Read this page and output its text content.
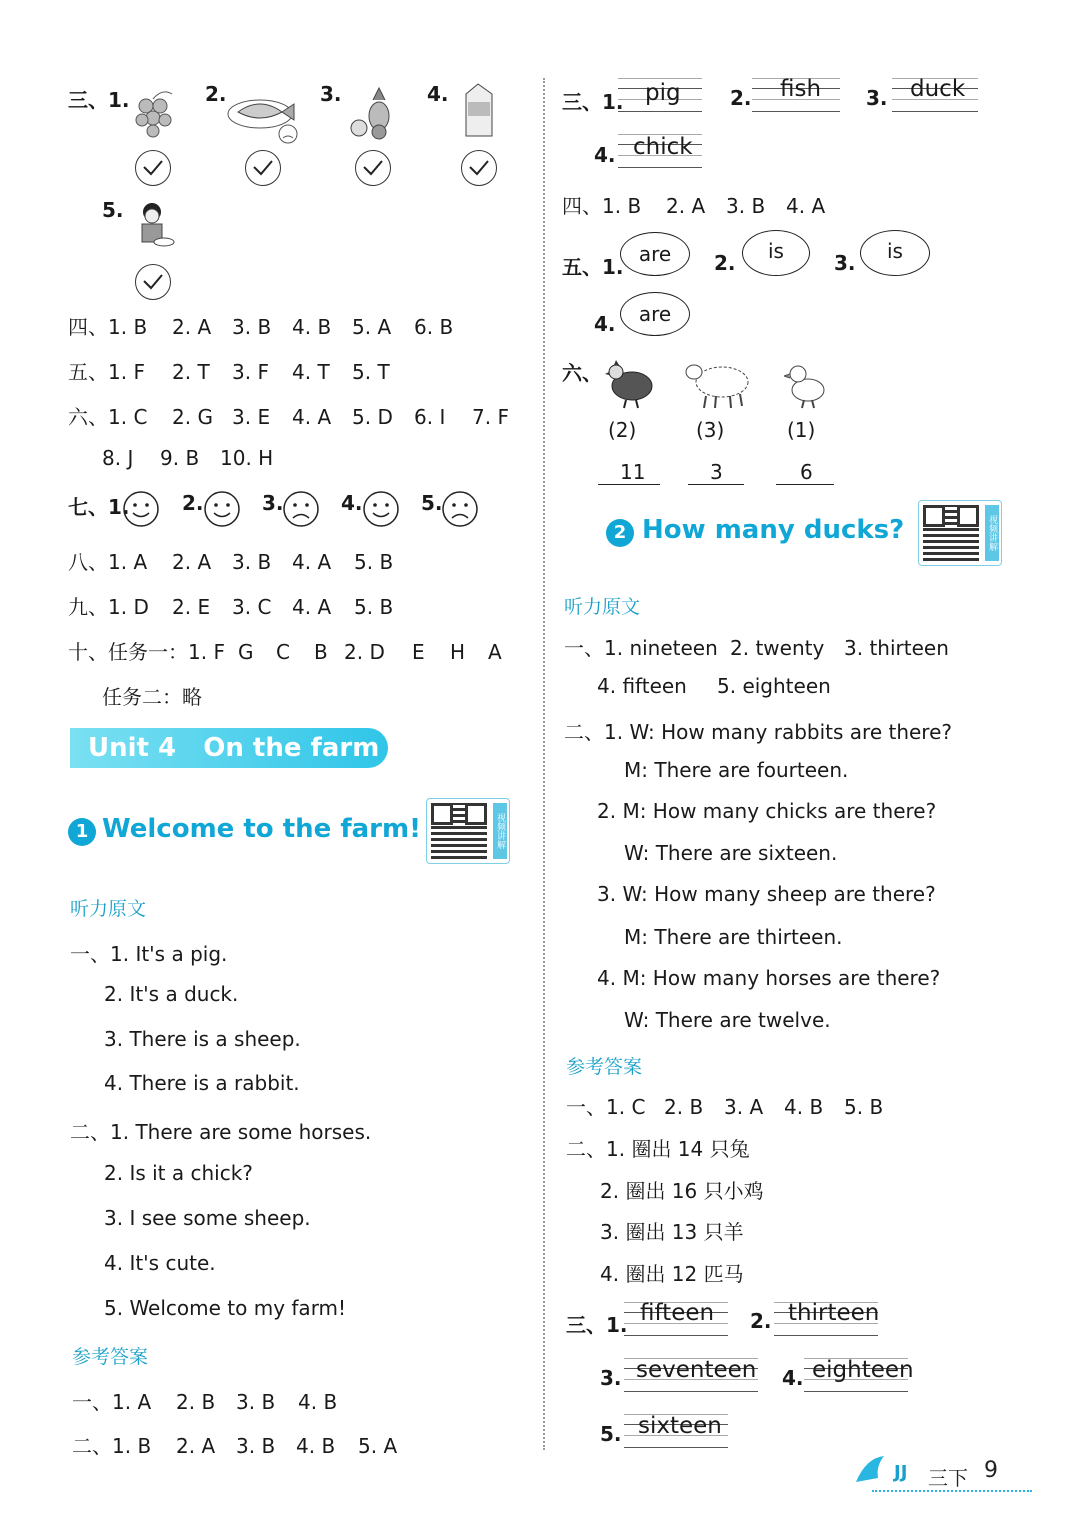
三、1.	2.	3.	4.
5.
四、1. B 2. A 3. B 4. B 5. A 6. B
五、1. F 2. T 3. F 4. T 5. T
六、1. C 2. G 3. E 4. A 5. D 6. I 7. F
8. J 9. B 10. H
七、1.	2.	3.	4.	5.
八、1. A 2. A 3. B 4. A 5. B
九、1. D 2. E 3. C 4. A 5. B
十、任务一：1. F G C B 2. D E H A
任务二：略
Unit 4 On the farm
1 Welcome to the farm!	视频讲解
听力原文
一、1. It's a pig.
2. It's a duck.
3. There is a sheep.
4. There is a rabbit.
二、1. There are some horses.
2. Is it a chick?
3. I see some sheep.
4. It's cute.
5. Welcome to my farm!
参考答案
一、1. A 2. B 3. B 4. B
二、1. B 2. A 3. B 4. B 5. A
三、1. pig 2. fish 3. duck
4. chick
四、1. B 2. A 3. B 4. A
五、1.
are	2.	is	3.	is
4.	are
六、
(2)	(3)	(1)
11	3	6
2 How many ducks?	视频讲解
听力原文
一、1. nineteen 2. twenty 3. thirteen
4. fifteen 5. eighteen
二、1. W: How many rabbits are there?
M: There are fourteen.
2. M: How many chicks are there?
W: There are sixteen.
3. W: How many sheep are there?
M: There are thirteen.
4. M: How many horses are there?
W: There are twelve.
参考答案
一、1. C 2. B 3. A 4. B 5. B
二、1. 圈出 14 只兔
2. 圈出 16 只小鸡
3. 圈出 13 只羊
4. 圈出 12 匹马
三、1. fifteen 2. thirteen
3. seventeen 4. eighteen
5. sixteen
JJ 三下 9
